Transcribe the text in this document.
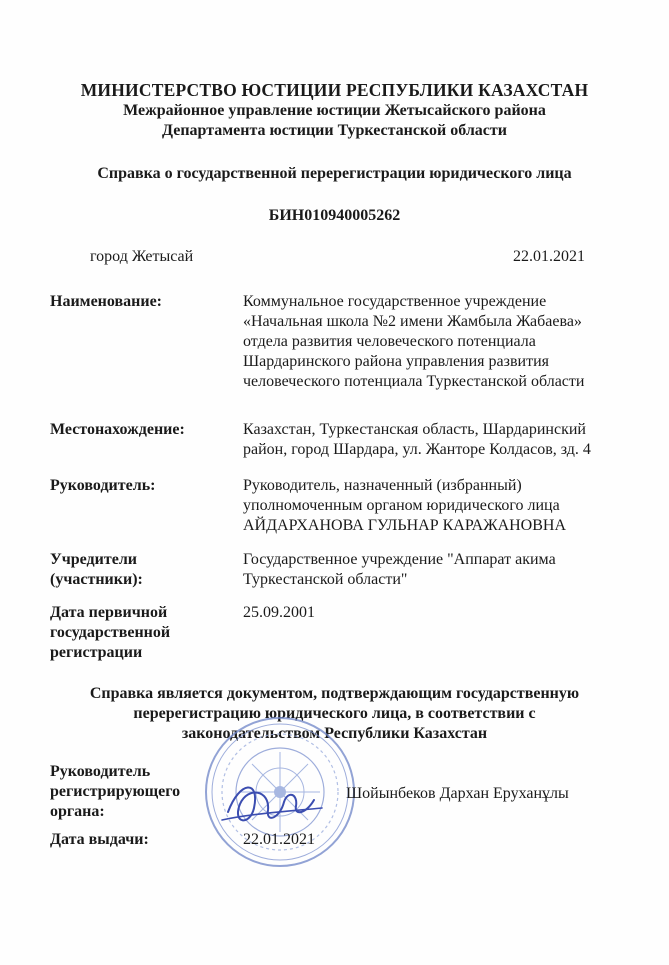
МИНИСТЕРСТВО ЮСТИЦИИ РЕСПУБЛИКИ КАЗАХСТАН
Межрайонное управление юстиции Жетысайского района
Департамента юстиции Туркестанской области
Справка о государственной перерегистрации юридического лица
БИН010940005262
город Жетысай	22.01.2021
Наименование:	Коммунальное государственное учреждение
«Начальная школа №2 имени Жамбыла Жабаева»
отдела развития человеческого потенциала
Шардаринского района управления развития
человеческого потенциала Туркестанской области
Местонахождение:	Казахстан, Туркестанская область, Шардаринский
район, город Шардара, ул. Жанторе Колдасов, зд. 4
Руководитель:	Руководитель, назначенный (избранный)
уполномоченным органом юридического лица
АЙДАРХАНОВА ГУЛЬНАР КАРАЖАНОВНА
Учредители
(участники):
Государственное учреждение "Аппарат акима
Туркестанской области"
Дата первичной
государственной
регистрации
25.09.2001
Справка является документом, подтверждающим государственную
перерегистрацию юридического лица, в соответствии с
законодательством Республики Казахстан
Руководитель
регистрирующего
органа:
Шойынбеков Дархан Еруханұлы
Дата выдачи:	22.01.2021
